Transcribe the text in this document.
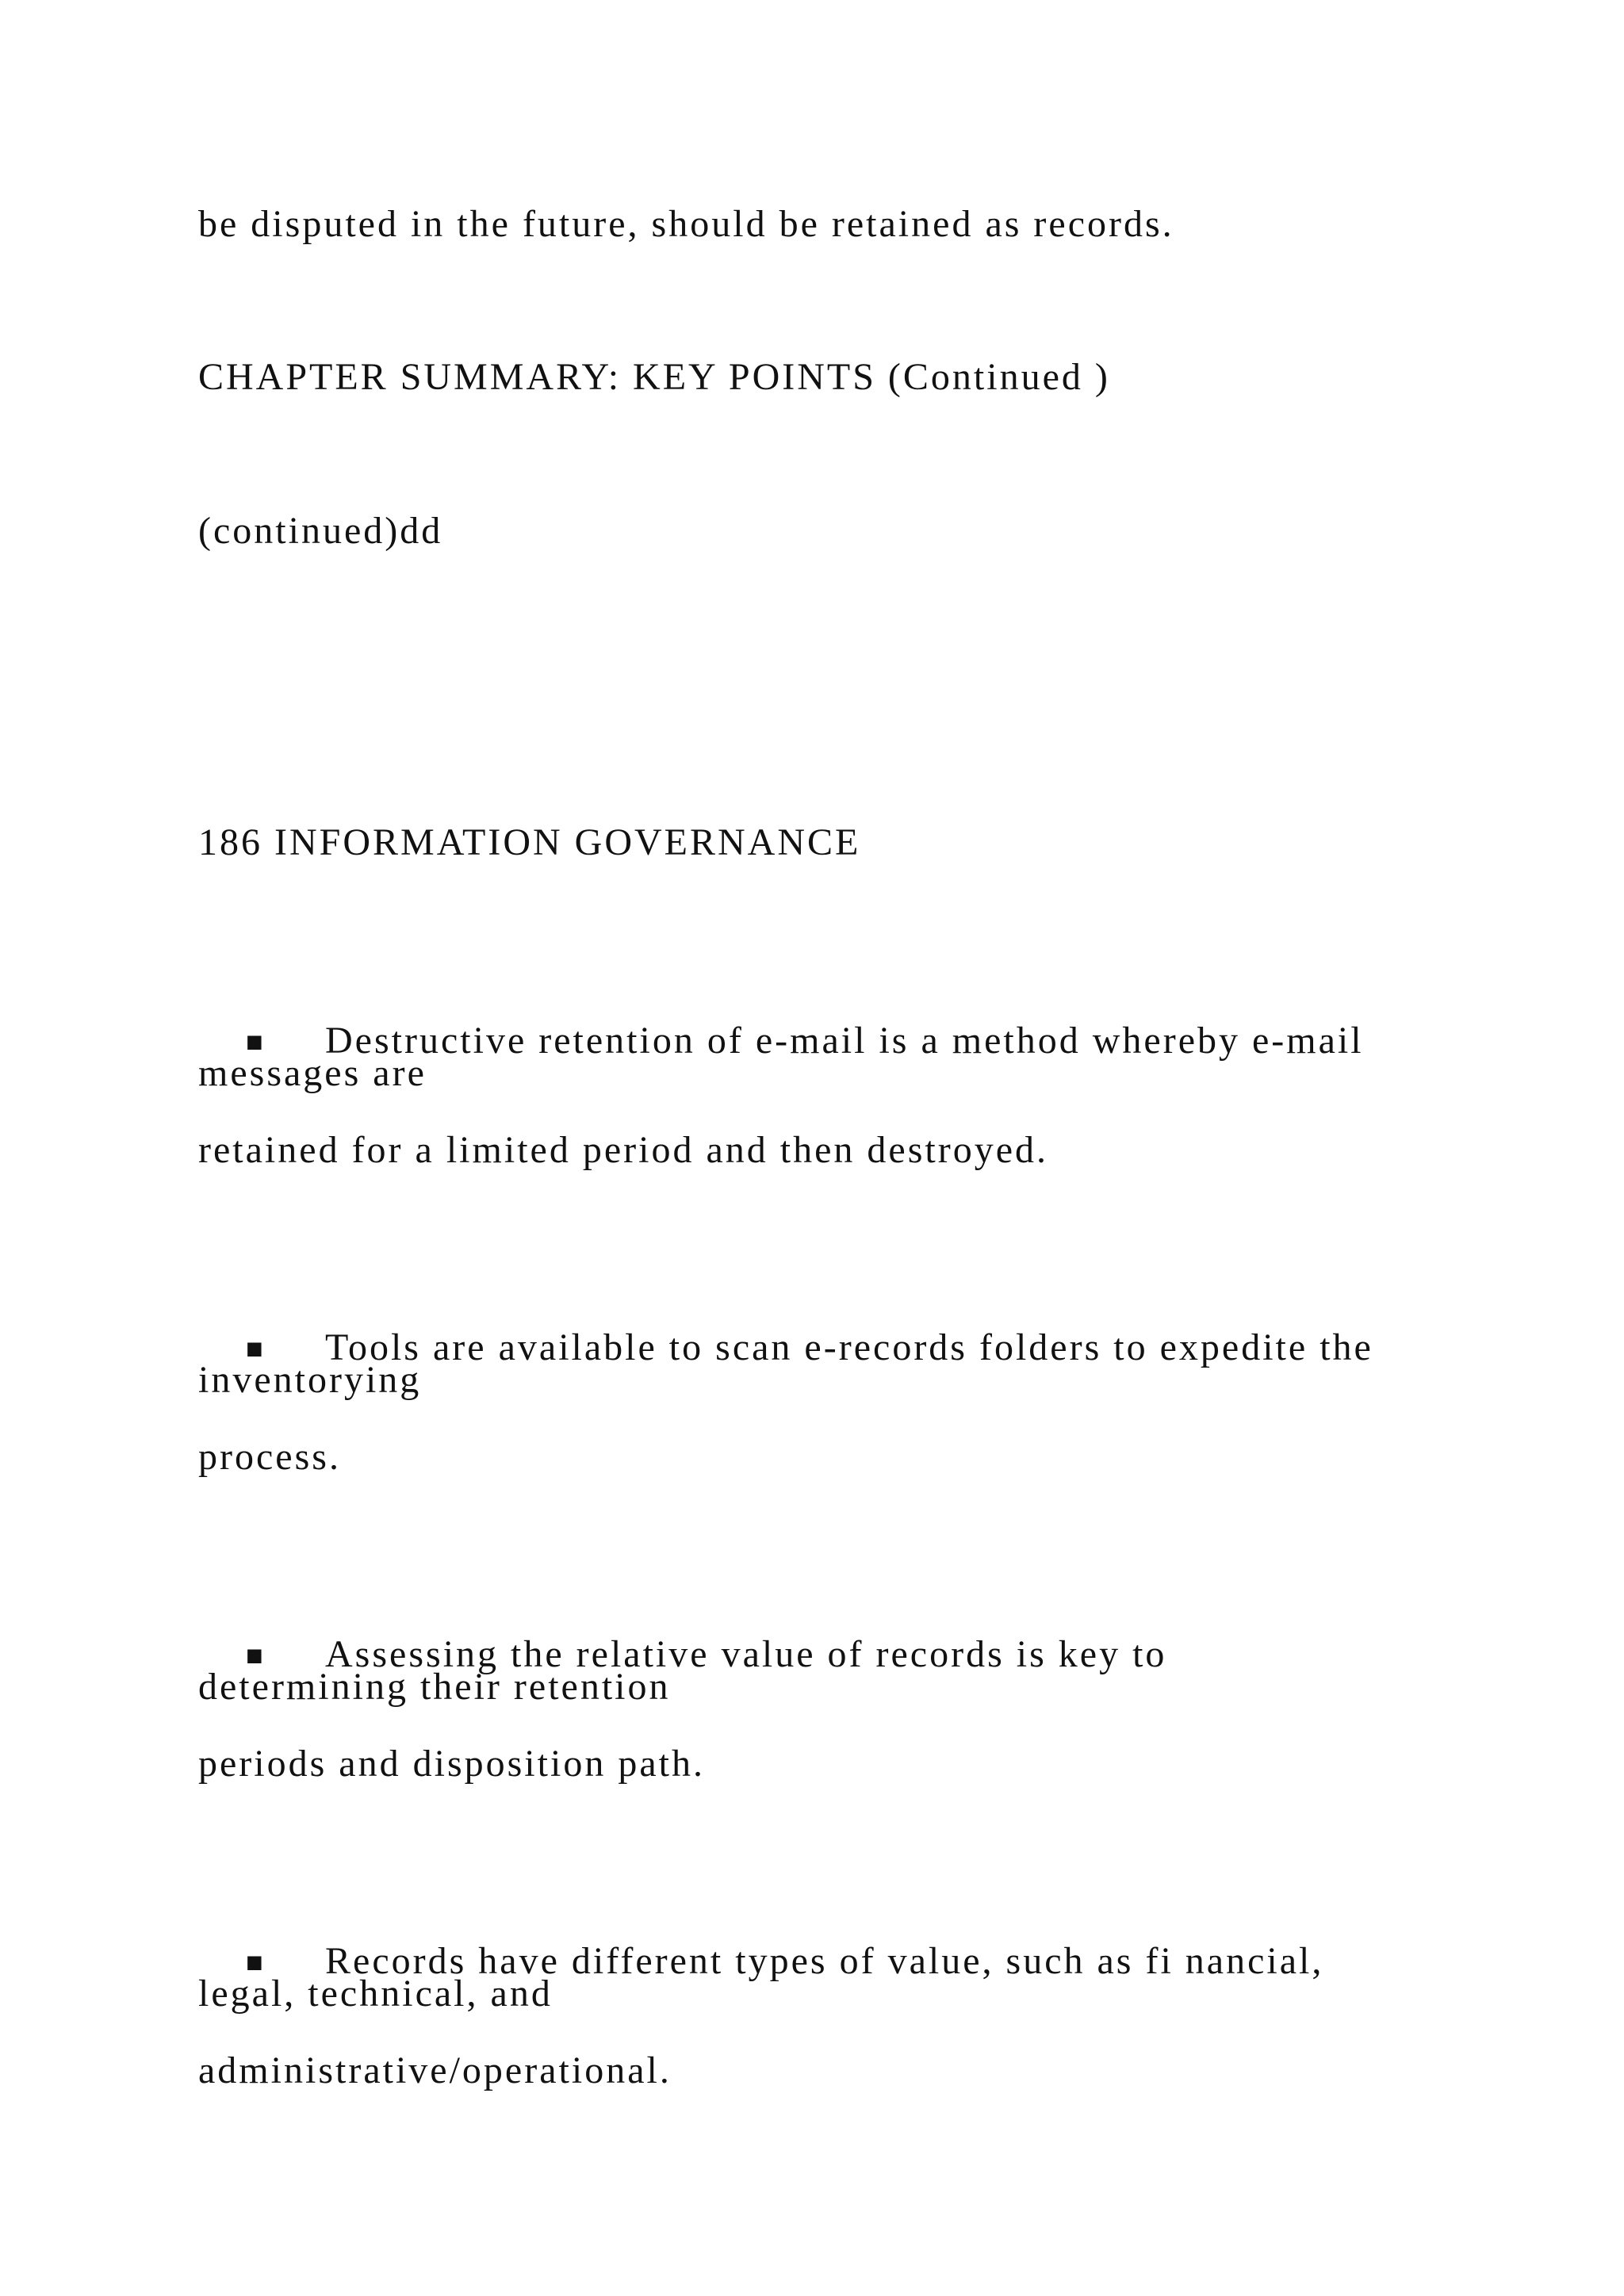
be disputed in the future, should be retained as records.
CHAPTER SUMMARY: KEY POINTS (Continued )
(continued)dd
186 INFORMATION GOVERNANCE

■ Destructive retention of e-mail is a method whereby e-mail

messages are
retained for a limited period and then destroyed.

■ Tools are available to scan e-records folders to expedite the

inventorying
process.

■ Assessing the relative value of records is key to

determining their retention
periods and disposition path.

■ Records have different types of value, such as fi nancial,

legal, technical, and
administrative/operational.
